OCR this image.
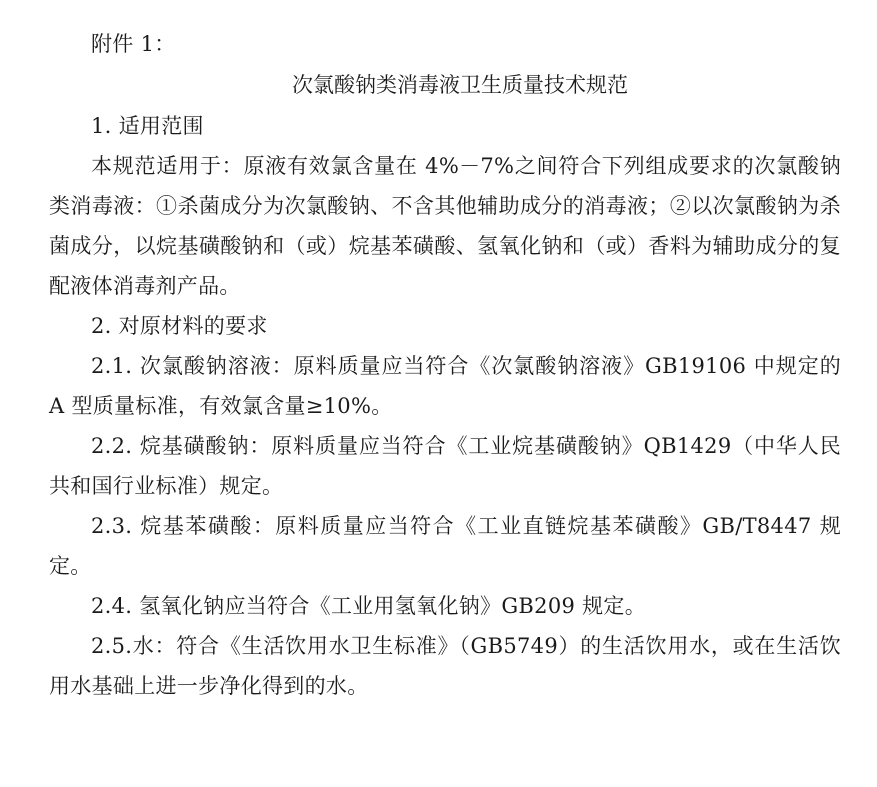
附件 1：

次氯酸钠类消毒液卫生质量技术规范

1. 适用范围

本规范适用于：原液有效氯含量在 4%－7%之间符合下列组成要求的次氯酸钠类消毒液：①杀菌成分为次氯酸钠、不含其他辅助成分的消毒液；②以次氯酸钠为杀菌成分，以烷基磺酸钠和（或）烷基苯磺酸、氢氧化钠和（或）香料为辅助成分的复配液体消毒剂产品。

2. 对原材料的要求

2.1. 次氯酸钠溶液：原料质量应当符合《次氯酸钠溶液》GB19106 中规定的 A 型质量标准，有效氯含量≥10%。

2.2. 烷基磺酸钠：原料质量应当符合《工业烷基磺酸钠》QB1429（中华人民共和国行业标准）规定。

2.3. 烷基苯磺酸：原料质量应当符合《工业直链烷基苯磺酸》GB/T8447 规定。

2.4. 氢氧化钠应当符合《工业用氢氧化钠》GB209 规定。

2.5.水：符合《生活饮用水卫生标准》（GB5749）的生活饮用水，或在生活饮用水基础上进一步净化得到的水。
